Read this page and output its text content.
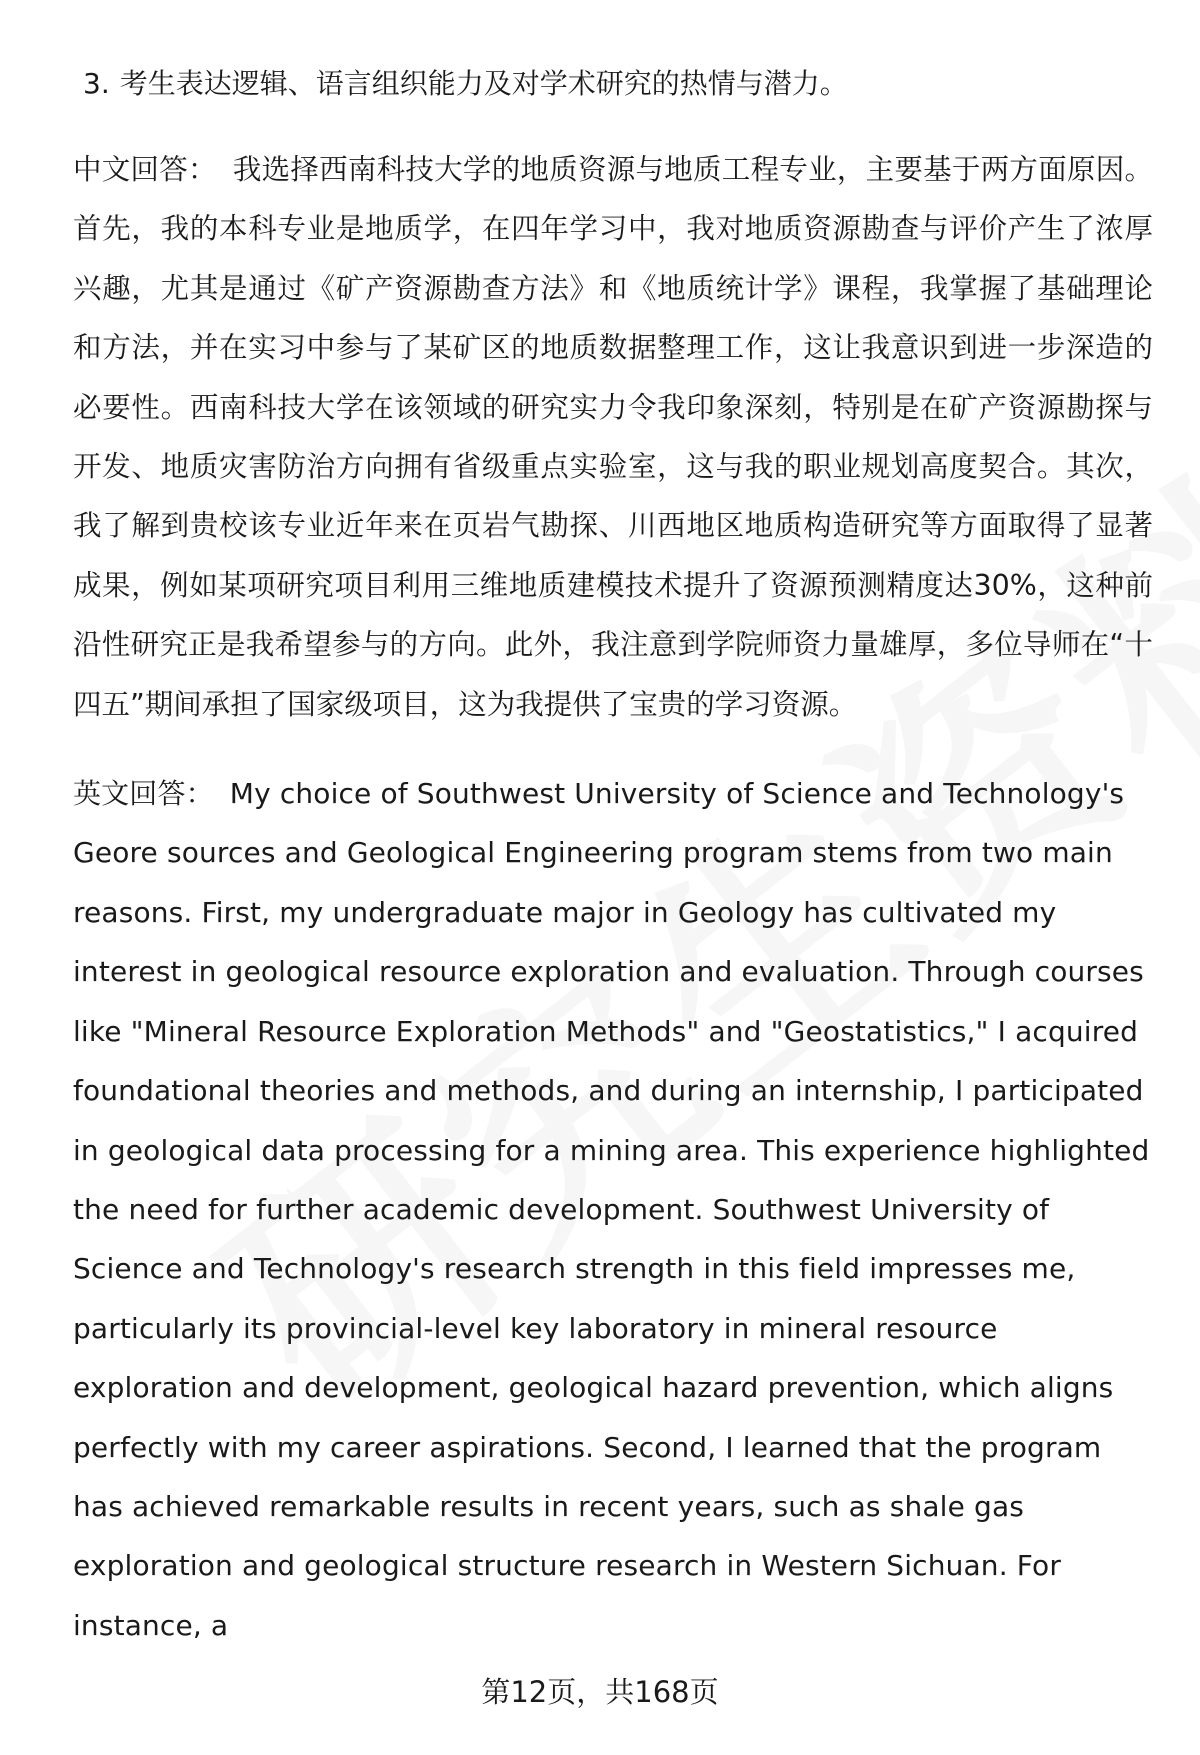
3. 考生表达逻辑、语言组织能力及对学术研究的热情与潜力。

中文回答： 我选择西南科技大学的地质资源与地质工程专业，主要基于两方面原因。首先，我的本科专业是地质学，在四年学习中，我对地质资源勘查与评价产生了浓厚兴趣，尤其是通过《矿产资源勘查方法》和《地质统计学》课程，我掌握了基础理论和方法，并在实习中参与了某矿区的地质数据整理工作，这让我意识到进一步深造的必要性。西南科技大学在该领域的研究实力令我印象深刻，特别是在矿产资源勘探与开发、地质灾害防治方向拥有省级重点实验室，这与我的职业规划高度契合。其次，我了解到贵校该专业近年来在页岩气勘探、川西地区地质构造研究等方面取得了显著成果，例如某项研究项目利用三维地质建模技术提升了资源预测精度达30%，这种前沿性研究正是我希望参与的方向。此外，我注意到学院师资力量雄厚，多位导师在“十四五”期间承担了国家级项目，这为我提供了宝贵的学习资源。

英文回答： My choice of Southwest University of Science and Technology's Geore sources and Geological Engineering program stems from two main reasons. First, my undergraduate major in Geology has cultivated my interest in geological resource exploration and evaluation. Through courses like "Mineral Resource Exploration Methods" and "Geostatistics," I acquired foundational theories and methods, and during an internship, I participated in geological data processing for a mining area. This experience highlighted the need for further academic development. Southwest University of Science and Technology's research strength in this field impresses me, particularly its provincial-level key laboratory in mineral resource exploration and development, geological hazard prevention, which aligns perfectly with my career aspirations. Second, I learned that the program has achieved remarkable results in recent years, such as shale gas exploration and geological structure research in Western Sichuan. For instance, a

第12页，共168页
